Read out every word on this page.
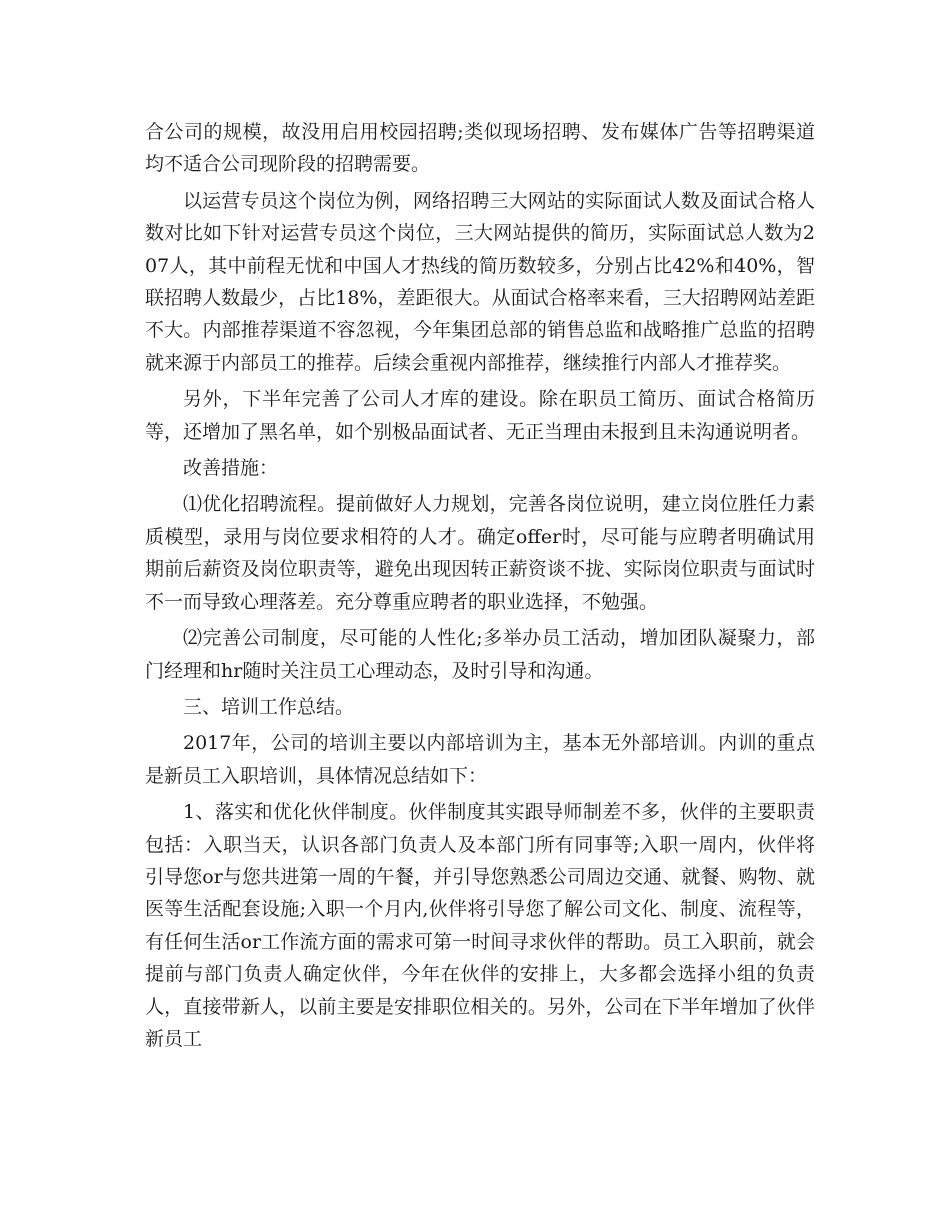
合公司的规模，故没用启用校园招聘;类似现场招聘、发布媒体广告等招聘渠道均不适合公司现阶段的招聘需要。

以运营专员这个岗位为例，网络招聘三大网站的实际面试人数及面试合格人数对比如下针对运营专员这个岗位，三大网站提供的简历，实际面试总人数为207人，其中前程无忧和中国人才热线的简历数较多，分别占比42%和40%，智联招聘人数最少，占比18%，差距很大。从面试合格率来看，三大招聘网站差距不大。内部推荐渠道不容忽视，今年集团总部的销售总监和战略推广总监的招聘就来源于内部员工的推荐。后续会重视内部推荐，继续推行内部人才推荐奖。

另外，下半年完善了公司人才库的建设。除在职员工简历、面试合格简历等，还增加了黑名单，如个别极品面试者、无正当理由未报到且未沟通说明者。

改善措施：

⑴优化招聘流程。提前做好人力规划，完善各岗位说明，建立岗位胜任力素质模型，录用与岗位要求相符的人才。确定offer时，尽可能与应聘者明确试用期前后薪资及岗位职责等，避免出现因转正薪资谈不拢、实际岗位职责与面试时不一而导致心理落差。充分尊重应聘者的职业选择，不勉强。

⑵完善公司制度，尽可能的人性化;多举办员工活动，增加团队凝聚力，部门经理和hr随时关注员工心理动态，及时引导和沟通。

三、培训工作总结。

2017年，公司的培训主要以内部培训为主，基本无外部培训。内训的重点是新员工入职培训，具体情况总结如下：

1、落实和优化伙伴制度。伙伴制度其实跟导师制差不多，伙伴的主要职责包括：入职当天，认识各部门负责人及本部门所有同事等;入职一周内，伙伴将引导您or与您共进第一周的午餐，并引导您熟悉公司周边交通、就餐、购物、就医等生活配套设施;入职一个月内,伙伴将引导您了解公司文化、制度、流程等，有任何生活or工作流方面的需求可第一时间寻求伙伴的帮助。员工入职前，就会提前与部门负责人确定伙伴，今年在伙伴的安排上，大多都会选择小组的负责人，直接带新人，以前主要是安排职位相关的。另外，公司在下半年增加了伙伴新员工
